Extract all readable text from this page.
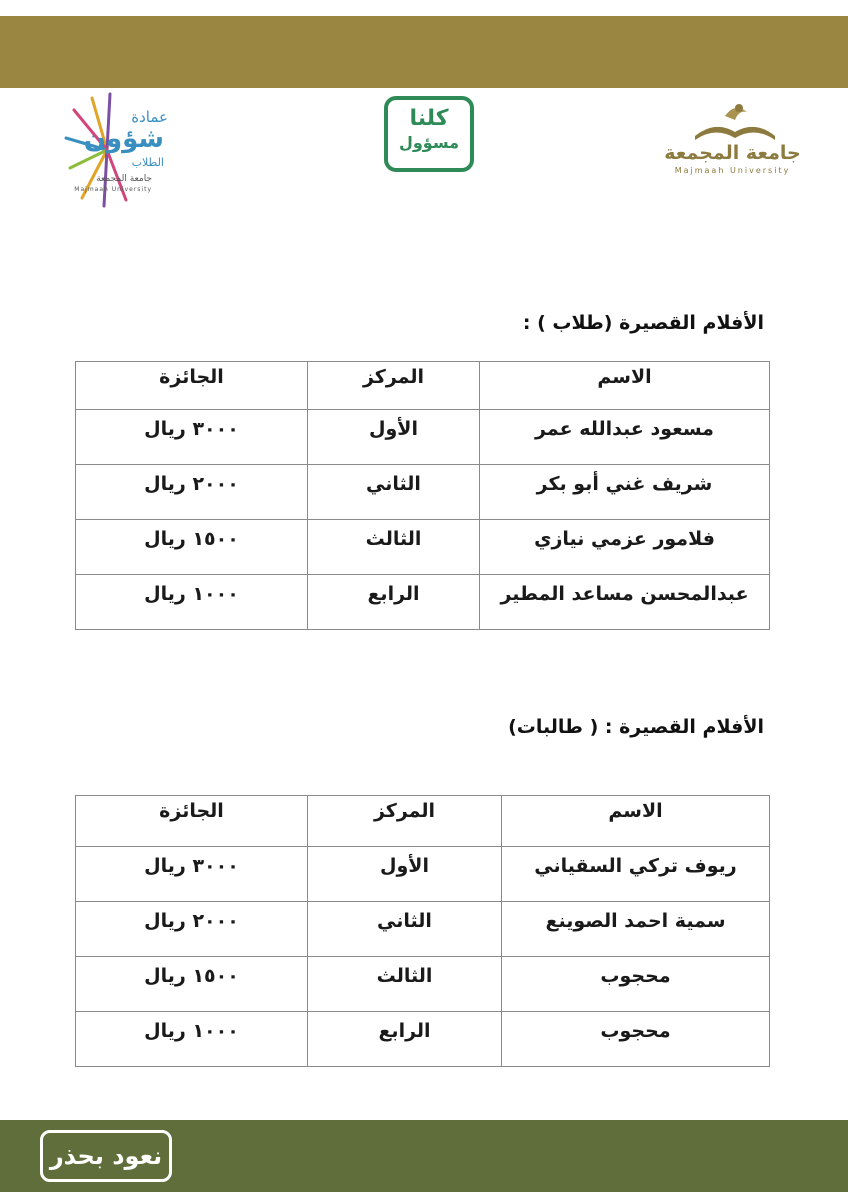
جامعة المجمعة
Majmaah University
كلنا
مسؤول
عمادة
شؤون
الطلاب
جامعة المجمعة
Majmaah University
الأفلام القصيرة (طلاب ) :
الاسم	المركز	الجائزة
مسعود عبدالله عمر	الأول	٣٠٠٠ ريال
شريف غني أبو بكر	الثاني	٢٠٠٠ ريال
فلامور عزمي نيازي	الثالث	١٥٠٠ ريال
عبدالمحسن مساعد المطير	الرابع	١٠٠٠ ريال
الأفلام القصيرة : ( طالبات)
الاسم	المركز	الجائزة
ريوف تركي السقياني	الأول	٣٠٠٠ ريال
سمية احمد الصوينع	الثاني	٢٠٠٠ ريال
محجوب	الثالث	١٥٠٠ ريال
محجوب	الرابع	١٠٠٠ ريال
نعود بحذر
